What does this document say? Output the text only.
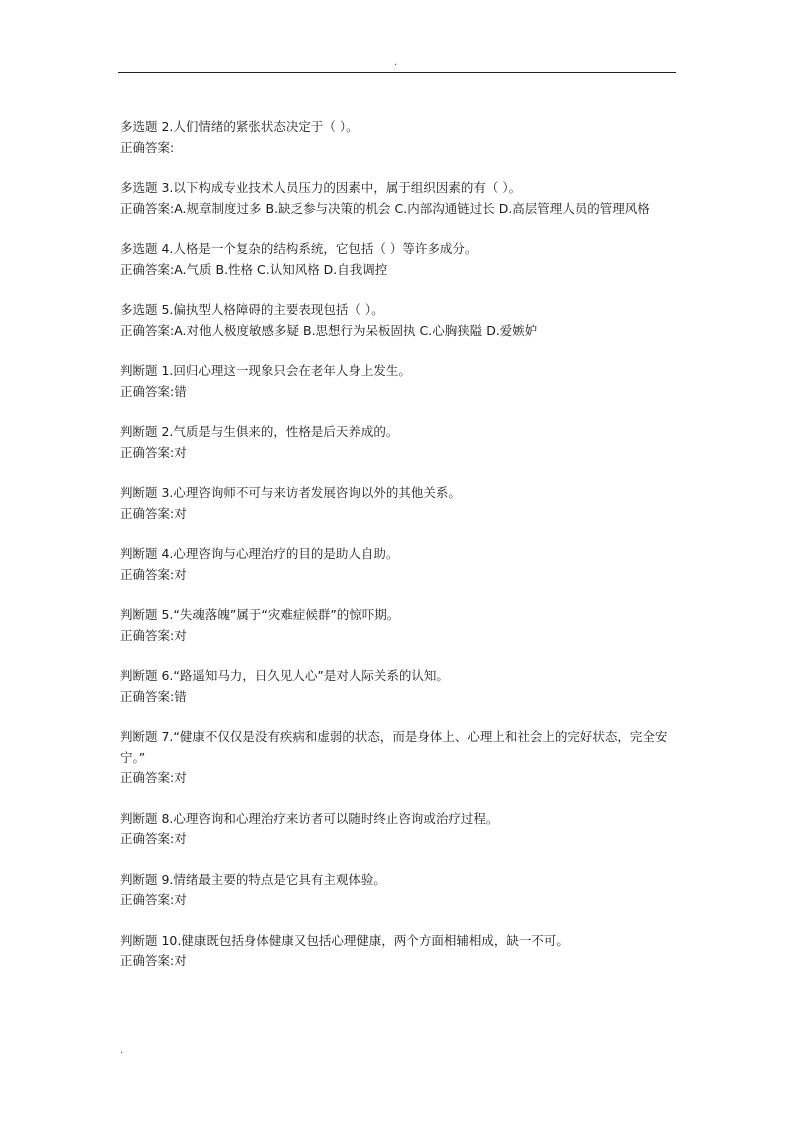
.
多选题 2.人们情绪的紧张状态决定于（ ）。
正确答案:
多选题 3.以下构成专业技术人员压力的因素中，属于组织因素的有（ ）。
正确答案:A.规章制度过多 B.缺乏参与决策的机会 C.内部沟通链过长 D.高层管理人员的管理风格
多选题 4.人格是一个复杂的结构系统，它包括（ ）等许多成分。
正确答案:A.气质 B.性格 C.认知风格 D.自我调控
多选题 5.偏执型人格障碍的主要表现包括（ ）。
正确答案:A.对他人极度敏感多疑 B.思想行为呆板固执 C.心胸狭隘 D.爱嫉妒
判断题 1.回归心理这一现象只会在老年人身上发生。
正确答案:错
判断题 2.气质是与生俱来的，性格是后天养成的。
正确答案:对
判断题 3.心理咨询师不可与来访者发展咨询以外的其他关系。
正确答案:对
判断题 4.心理咨询与心理治疗的目的是助人自助。
正确答案:对
判断题 5.“失魂落魄”属于“灾难症候群”的惊吓期。
正确答案:对
判断题 6.“路遥知马力，日久见人心”是对人际关系的认知。
正确答案:错
判断题 7.“健康不仅仅是没有疾病和虚弱的状态，而是身体上、心理上和社会上的完好状态，完全安宁。”
正确答案:对
判断题 8.心理咨询和心理治疗来访者可以随时终止咨询或治疗过程。
正确答案:对
判断题 9.情绪最主要的特点是它具有主观体验。
正确答案:对
判断题 10.健康既包括身体健康又包括心理健康，两个方面相辅相成，缺一不可。
正确答案:对
.
